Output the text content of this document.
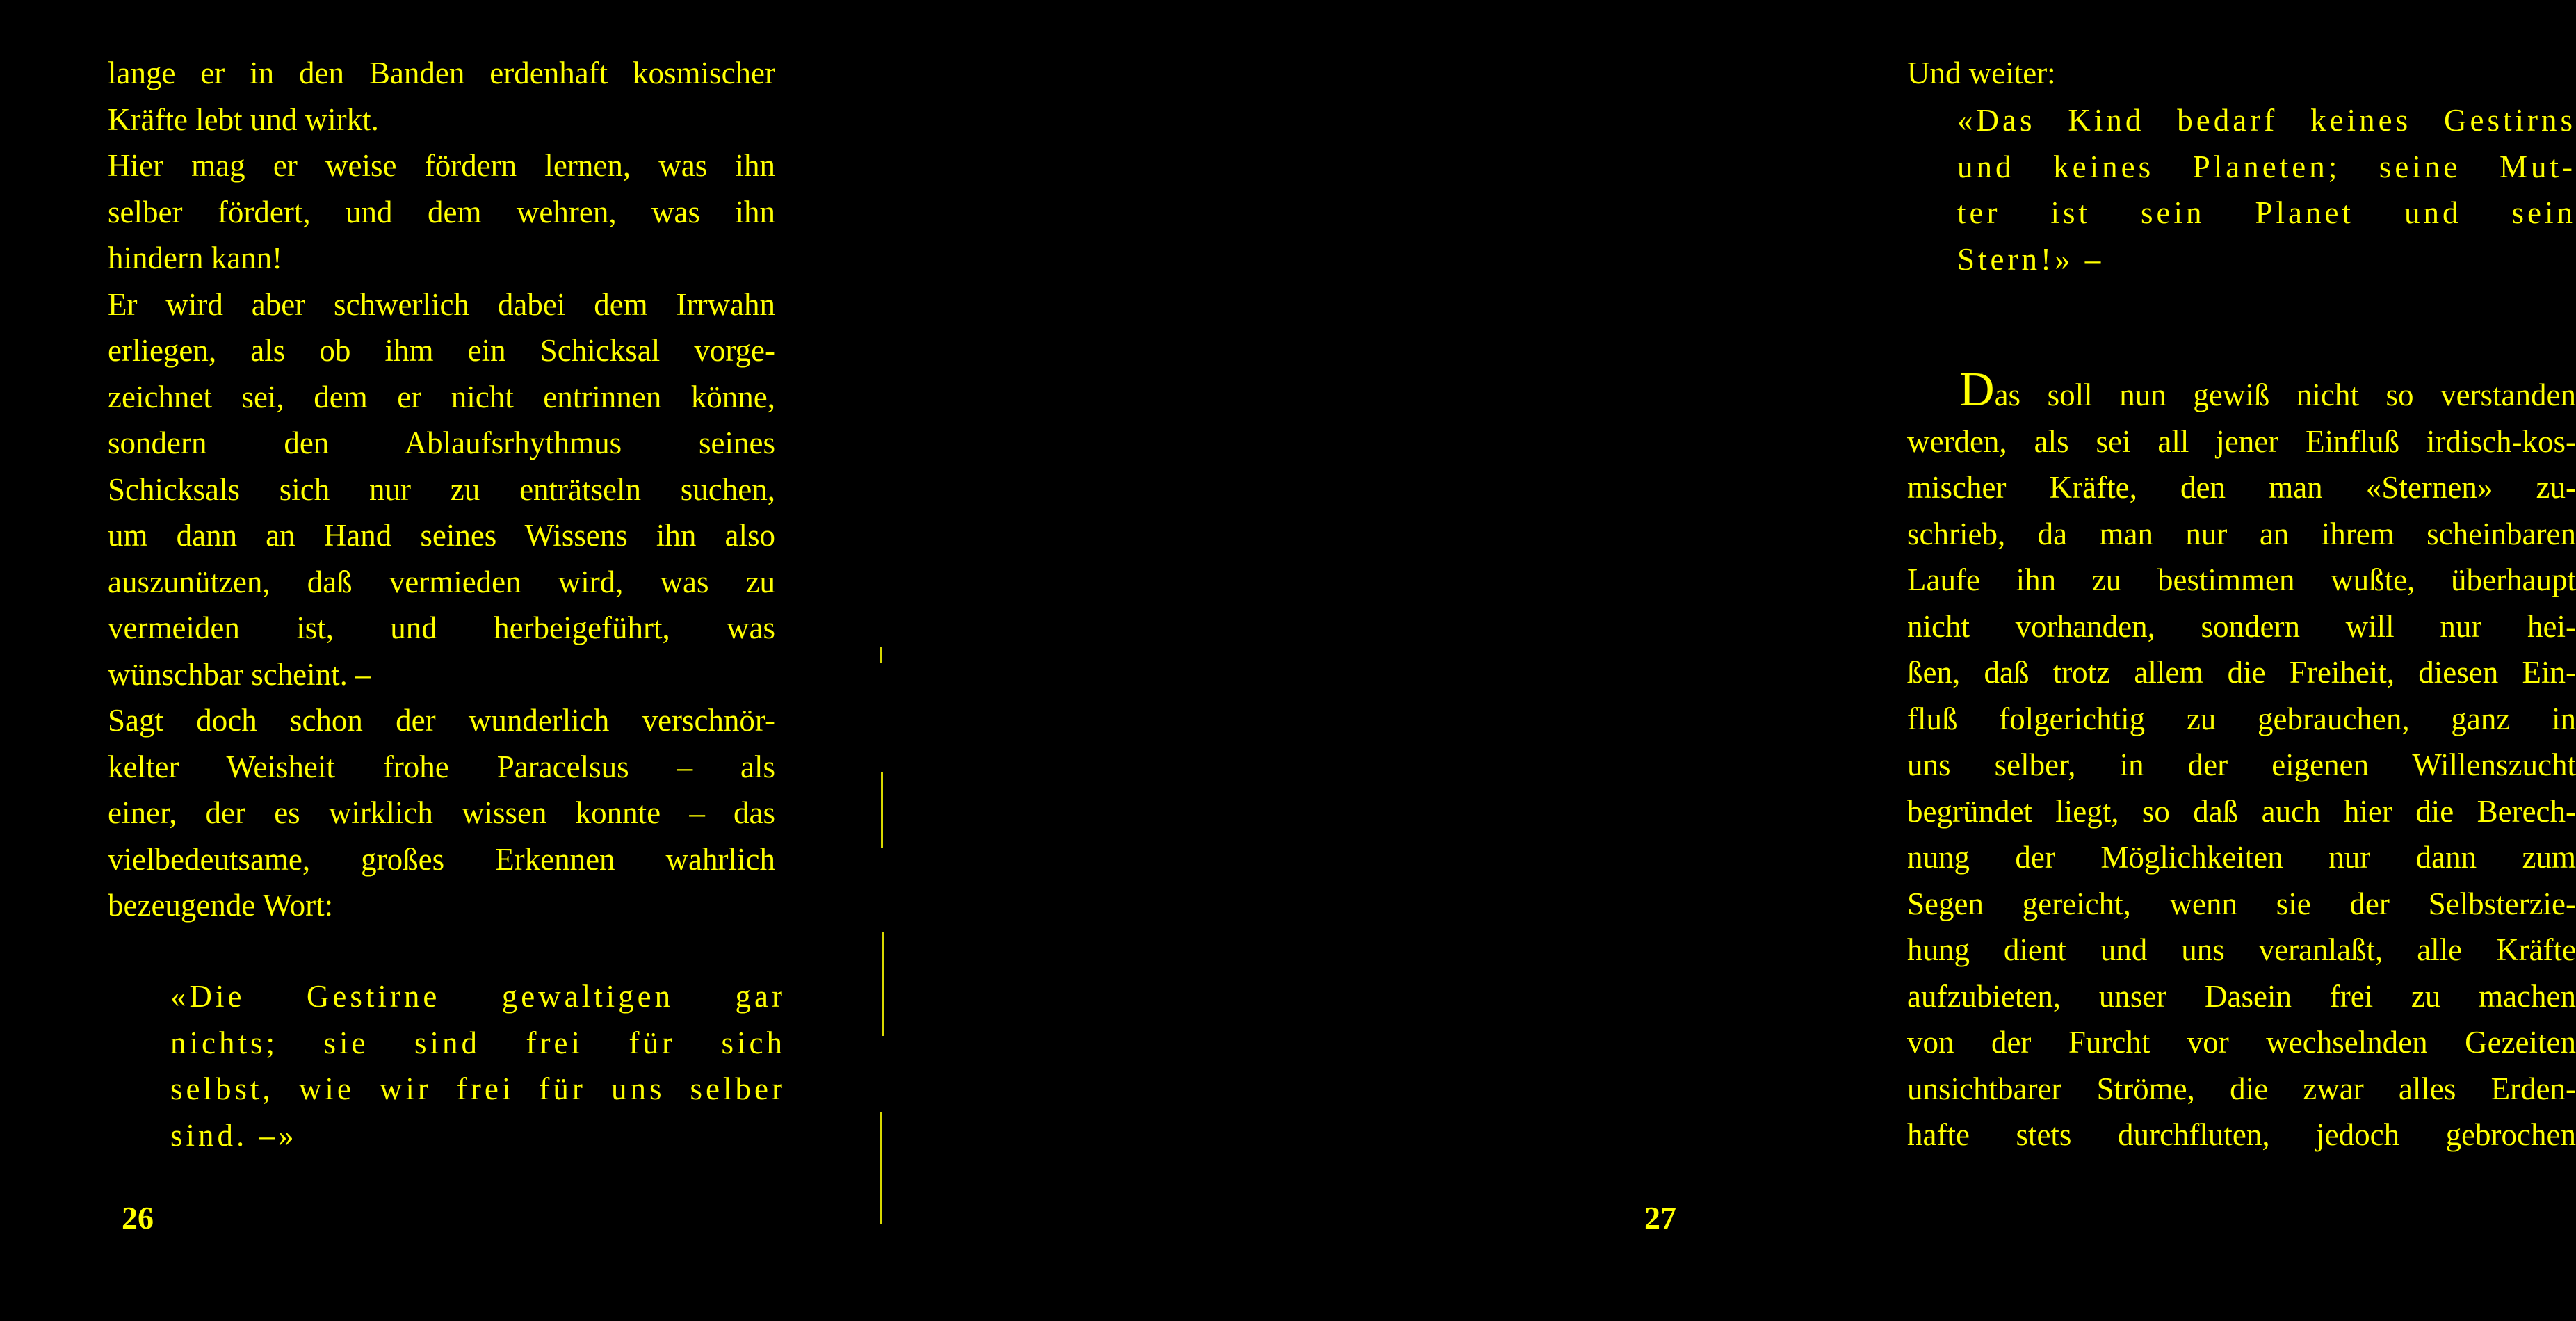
lange er in den Banden erdenhaft kosmischer
Kräfte lebt und wirkt.
Hier mag er weise fördern lernen, was ihn
selber fördert, und dem wehren, was ihn
hindern kann!
Er wird aber schwerlich dabei dem Irrwahn
erliegen, als ob ihm ein Schicksal vorge-
zeichnet sei, dem er nicht entrinnen könne,
sondern den Ablaufsrhythmus seines
Schicksals sich nur zu enträtseln suchen,
um dann an Hand seines Wissens ihn also
auszunützen, daß vermieden wird, was zu
vermeiden ist, und herbeigeführt, was
wünschbar scheint. –
Sagt doch schon der wunderlich verschnör-
kelter Weisheit frohe Paracelsus – als
einer, der es wirklich wissen konnte – das
vielbedeutsame, großes Erkennen wahrlich
bezeugende Wort:
«Die Gestirne gewaltigen gar
nichts; sie sind frei für sich
selbst, wie wir frei für uns selber
sind. –»
26
Und weiter:
«Das Kind bedarf keines Gestirns
und keines Planeten; seine Mut-
ter ist sein Planet und sein
Stern!» –
Das soll nun gewiß nicht so verstanden
werden, als sei all jener Einfluß irdisch-kos-
mischer Kräfte, den man «Sternen» zu-
schrieb, da man nur an ihrem scheinbaren
Laufe ihn zu bestimmen wußte, überhaupt
nicht vorhanden, sondern will nur hei-
ßen, daß trotz allem die Freiheit, diesen Ein-
fluß folgerichtig zu gebrauchen, ganz in
uns selber, in der eigenen Willenszucht
begründet liegt, so daß auch hier die Berech-
nung der Möglichkeiten nur dann zum
Segen gereicht, wenn sie der Selbsterzie-
hung dient und uns veranlaßt, alle Kräfte
aufzubieten, unser Dasein frei zu machen
von der Furcht vor wechselnden Gezeiten
unsichtbarer Ströme, die zwar alles Erden-
hafte stets durchfluten, jedoch gebrochen
27
